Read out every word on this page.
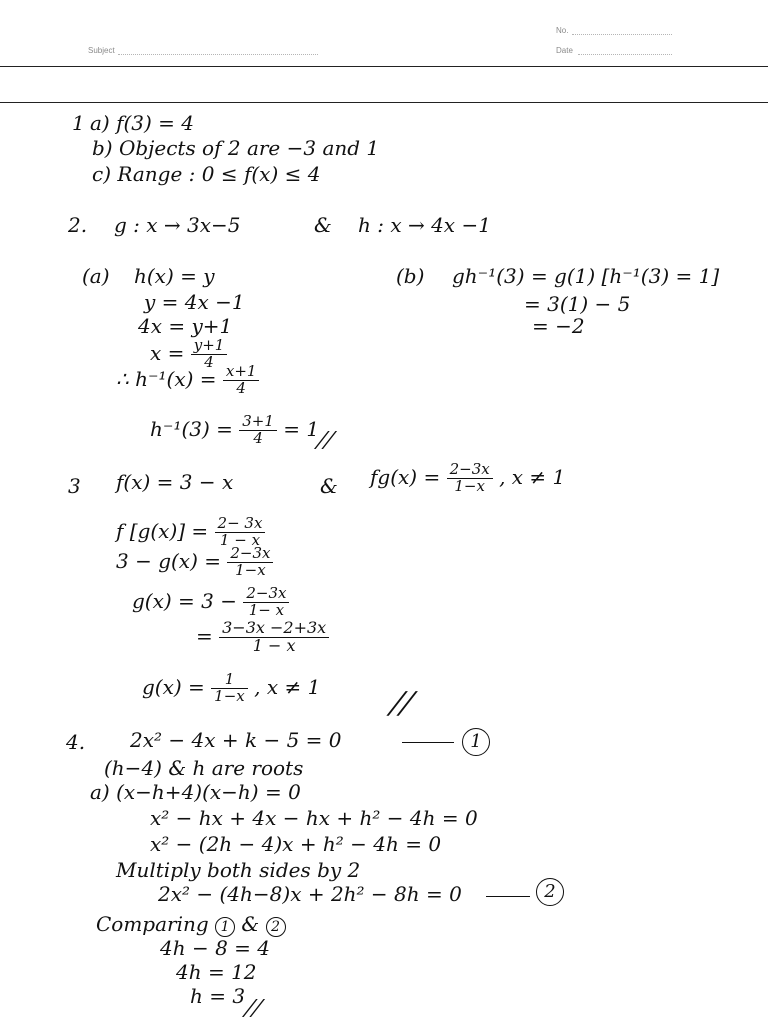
Subject
No.
Date
1 a) f(3) = 4
b) Objects of 2 are −3 and 1
c) Range : 0 ≤ f(x) ≤ 4
2. g : x → 3x−5	& h : x → 4x −1
(a) h(x) = y
y = 4x −1
4x = y+1
$x = \frac{y+1}{4}$
∴ $h^{-1}(x) = \frac{x+1}{4}$
$h^{-1}(3) = \frac{3+1}{4} = 1$
//
(b) gh⁻¹(3) = g(1) [h⁻¹(3) = 1]
= 3(1) − 5
= −2
3 f(x) = 3 − x	& $fg(x) = \frac{2-3x}{1-x}$ , x ≠ 1
f $[g(x)] = \frac{2- 3x}{1 - x}$
$3 - g(x) = \frac{2-3x}{1-x}$
$g(x) = 3 - \frac{2-3x}{1- x}$
= $\frac{3-3x -2+3x}{1 - x}$
$g(x) = \frac{1}{1-x}$ , x ≠ 1 //
4. 2x² − 4x + k − 5 = 0	1
(h−4) & h are roots
a) (x−h+4)(x−h) = 0
x² − hx + 4x − hx + h² − 4h = 0
x² − (2h − 4)x + h² − 4h = 0
Multiply both sides by 2
2x² − (4h−8)x + 2h² − 8h = 0	2
Comparing 1 & 2
4h − 8 = 4
4h = 12
h = 3
//
